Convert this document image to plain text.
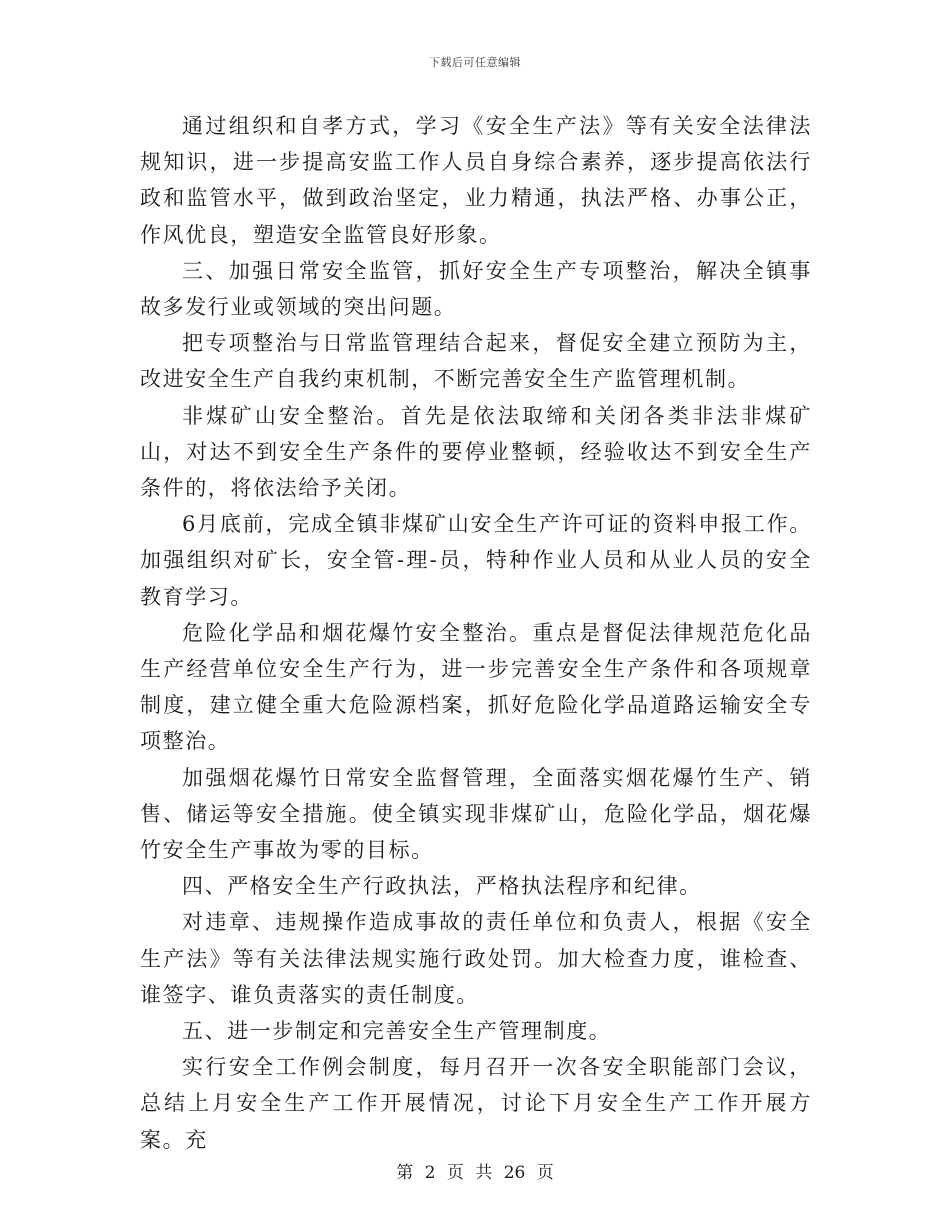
下载后可任意编辑

通过组织和自孝方式，学习《安全生产法》等有关安全法律法规知识，进一步提高安监工作人员自身综合素养，逐步提高依法行政和监管水平，做到政治坚定，业力精通，执法严格、办事公正，作风优良，塑造安全监管良好形象。

三、加强日常安全监管，抓好安全生产专项整治，解决全镇事故多发行业或领域的突出问题。

把专项整治与日常监管理结合起来，督促安全建立预防为主，改进安全生产自我约束机制，不断完善安全生产监管理机制。

非煤矿山安全整治。首先是依法取缔和关闭各类非法非煤矿山，对达不到安全生产条件的要停业整顿，经验收达不到安全生产条件的，将依法给予关闭。

6月底前，完成全镇非煤矿山安全生产许可证的资料申报工作。加强组织对矿长，安全管-理-员，特种作业人员和从业人员的安全教育学习。

危险化学品和烟花爆竹安全整治。重点是督促法律规范危化品生产经营单位安全生产行为，进一步完善安全生产条件和各项规章制度，建立健全重大危险源档案，抓好危险化学品道路运输安全专项整治。

加强烟花爆竹日常安全监督管理，全面落实烟花爆竹生产、销售、储运等安全措施。使全镇实现非煤矿山，危险化学品，烟花爆竹安全生产事故为零的目标。

四、严格安全生产行政执法，严格执法程序和纪律。

对违章、违规操作造成事故的责任单位和负责人，根据《安全生产法》等有关法律法规实施行政处罚。加大检查力度，谁检查、谁签字、谁负责落实的责任制度。

五、进一步制定和完善安全生产管理制度。

实行安全工作例会制度，每月召开一次各安全职能部门会议，总结上月安全生产工作开展情况，讨论下月安全生产工作开展方案。充

第 2 页 共 26 页
